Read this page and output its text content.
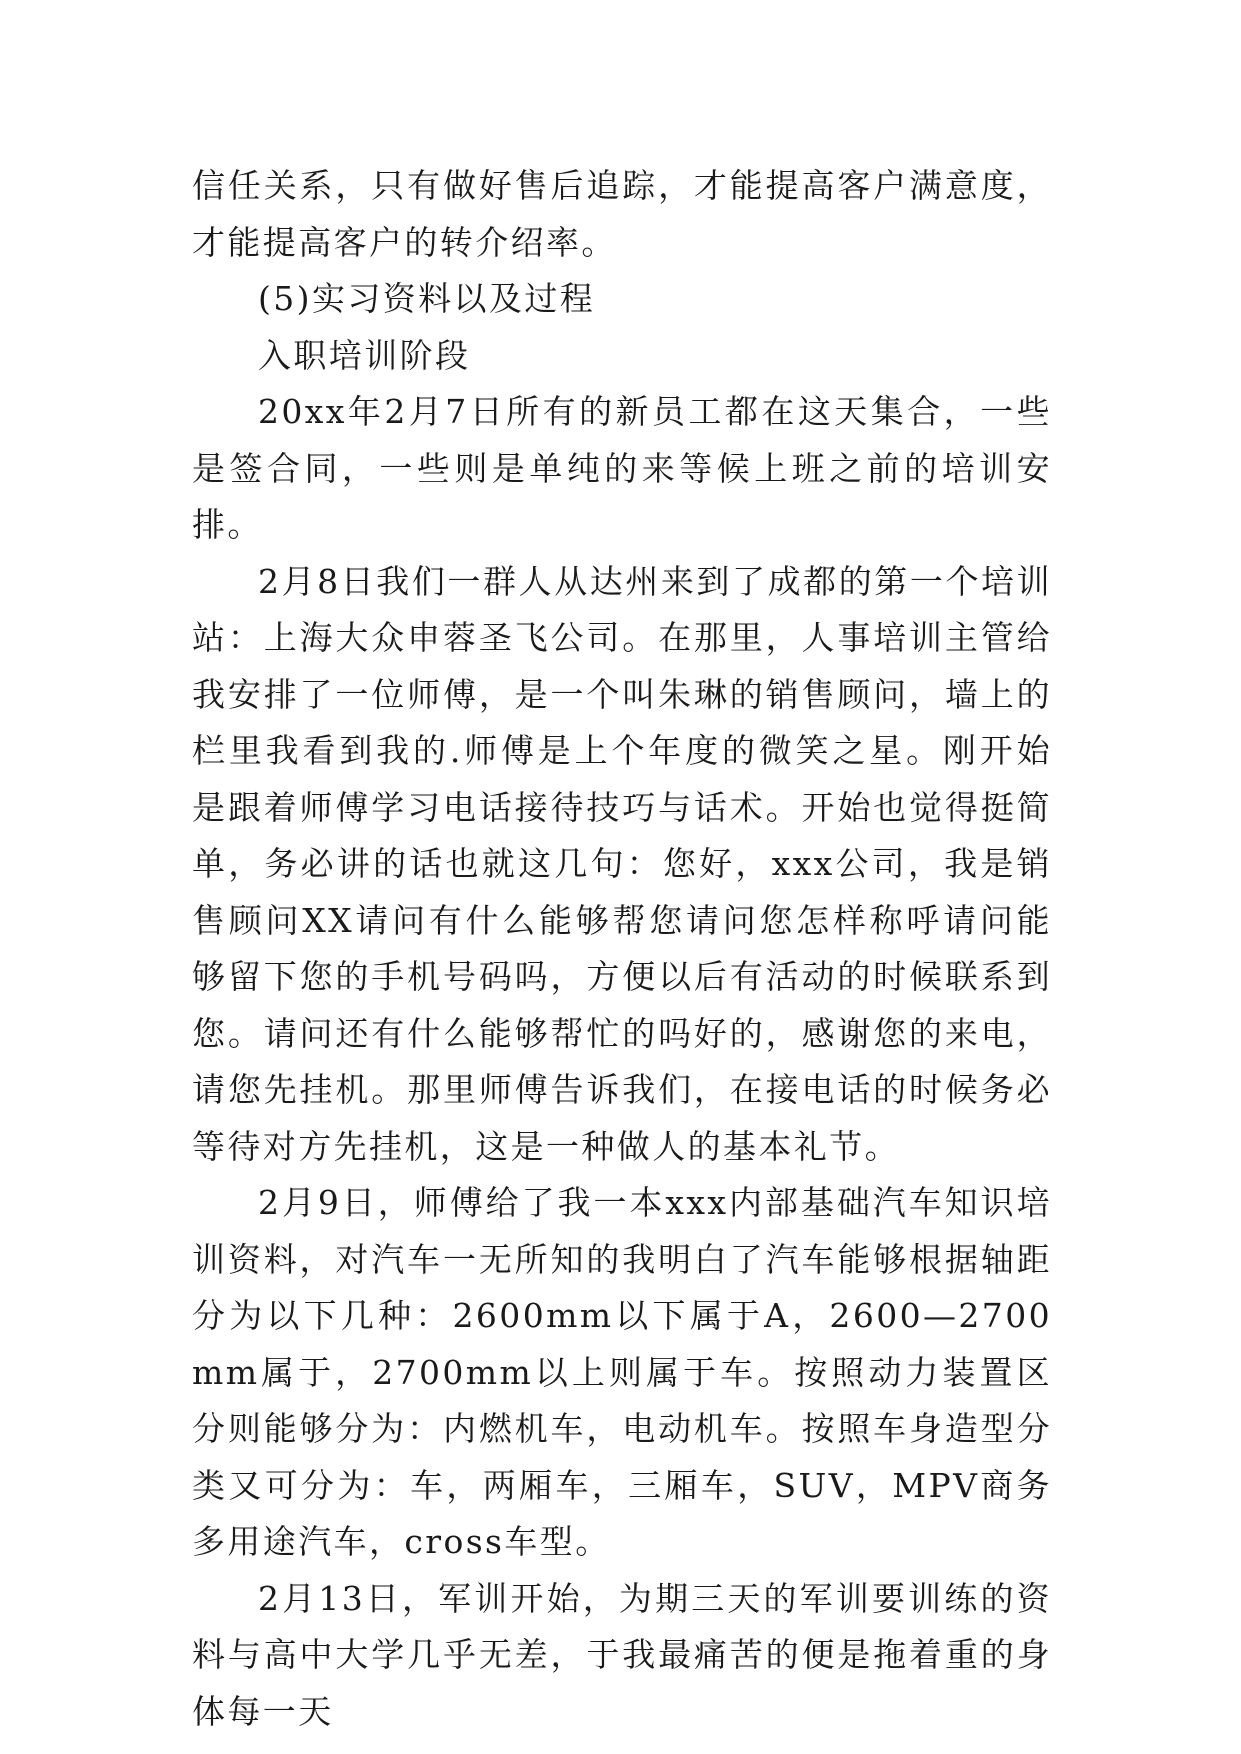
信任关系，只有做好售后追踪，才能提高客户满意度，才能提高客户的转介绍率。

(5)实习资料以及过程

入职培训阶段

20xx年2月7日所有的新员工都在这天集合，一些是签合同，一些则是单纯的来等候上班之前的培训安排。

2月8日我们一群人从达州来到了成都的第一个培训站：上海大众申蓉圣飞公司。在那里，人事培训主管给我安排了一位师傅，是一个叫朱琳的销售顾问，墙上的栏里我看到我的.师傅是上个年度的微笑之星。刚开始是跟着师傅学习电话接待技巧与话术。开始也觉得挺简单，务必讲的话也就这几句：您好，xxx公司，我是销售顾问XX请问有什么能够帮您请问您怎样称呼请问能够留下您的手机号码吗，方便以后有活动的时候联系到您。请问还有什么能够帮忙的吗好的，感谢您的来电，请您先挂机。那里师傅告诉我们，在接电话的时候务必等待对方先挂机，这是一种做人的基本礼节。

2月9日，师傅给了我一本xxx内部基础汽车知识培训资料，对汽车一无所知的我明白了汽车能够根据轴距分为以下几种：2600mm以下属于A，2600—2700mm属于，2700mm以上则属于车。按照动力装置区分则能够分为：内燃机车，电动机车。按照车身造型分类又可分为：车，两厢车，三厢车，SUV，MPV商务多用途汽车，cross车型。

2月13日，军训开始，为期三天的军训要训练的资料与高中大学几乎无差，于我最痛苦的便是拖着重的身体每一天
